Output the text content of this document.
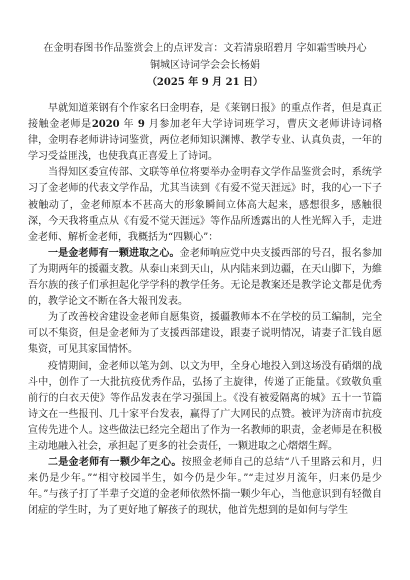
在金明春图书作品鉴赏会上的点评发言：文若清泉昭碧月 字如霜雪映丹心
铜城区诗词学会会长杨娟
（2025 年 9 月 21 日）

早就知道莱钢有个作家名曰金明春，是《莱钢日报》的重点作者，但是真正接触金老师是2020 年 9 月参加老年大学诗词班学习，曹庆文老师讲诗词格律，金明春老师讲诗词鉴赏，两位老师知识渊博、教学专业、认真负责，一年的学习受益匪浅，也使我真正喜爱上了诗词。

当得知区委宣传部、文联等单位将要举办金明春文学作品鉴赏会时，系统学习了金老师的代表文学作品，尤其当读到《有爱不觉天涯远》时，我的心一下子被触动了，金老师原本不甚高大的形象瞬间立体高大起来，感想很多，感触很深，今天我将重点从《有爱不觉天涯远》等作品所透露出的人性光辉入手，走进金老师、解析金老师，我概括为“四颗心”：

一是金老师有一颗进取之心。金老师响应党中央支援西部的号召，报名参加了为期两年的援疆支教。从泰山来到天山，从内陆来到边疆，在天山脚下，为維吾尔族的孩子们承担起化学学科的教学任务。无论是教案还是教学论文都是优秀的，教学论文不断在各大報刊发表。

为了改善校舍建设金老师自愿集资，援疆教师本不在学校的员工编制，完全可以不集资，但是金老师为了支援西部建设，跟妻子说明情况，请妻子汇钱自愿集资，可见其家国情怀。

疫情期间，金老师以笔为剑、以文为甲，全身心地投入到这场没有硝烟的战斗中，创作了一大批抗疫优秀作品，弘扬了主旋律，传递了正能量。《致敬负重前行的白衣天使》等作品发表在学习强国上。《没有被爱隔离的城》五十一节篇诗文在一些报刊、几十家平台发表，赢得了广大网民的点赞。被评为济南市抗疫宣传先进个人。这些做法已经完全超出了作为一名教师的职责，金老师是在积极主动地融入社会，承担起了更多的社会责任，一颗进取之心熠熠生辉。

二是金老师有一颗少年之心。按照金老师自己的总结“八千里路云和月，归来仍是少年。”“相守校园半生，如今仍是少年。”“走过岁月流年，归来仍是少年。”与孩子打了半辈子交道的金老师依然怀揣一颗少年心，当他意识到有轻微自闭症的学生时，为了更好地了解孩子的现状，他首先想到的是如何与学生
